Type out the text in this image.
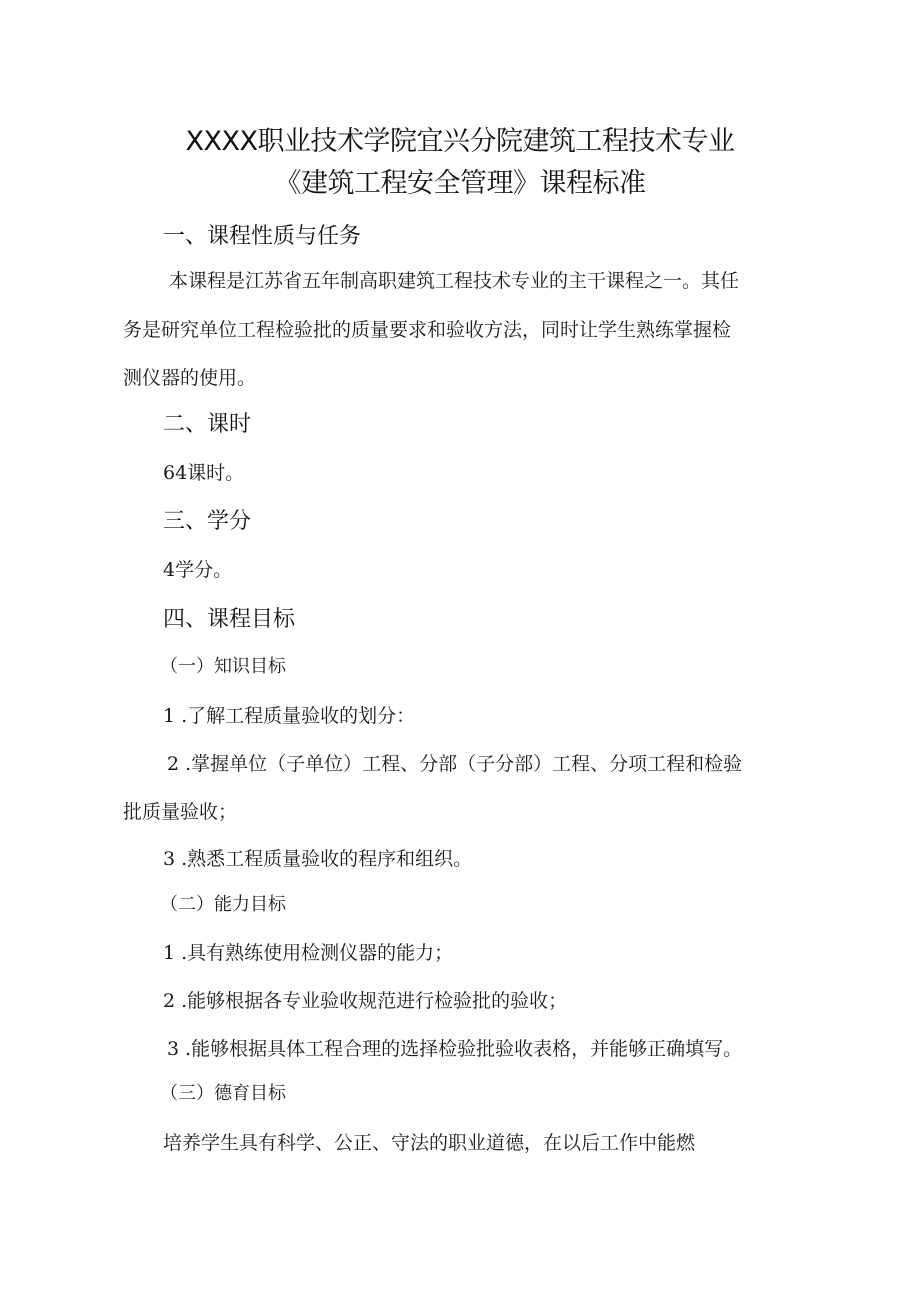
XXXX职业技术学院宜兴分院建筑工程技术专业
《建筑工程安全管理》课程标准
一、课程性质与任务
本课程是江苏省五年制高职建筑工程技术专业的主干课程之一。其任
务是研究单位工程检验批的质量要求和验收方法，同时让学生熟练掌握检
测仪器的使用。
二、课时
64课时。
三、学分
4学分。
四、课程目标
（一）知识目标
1 .了解工程质量验收的划分：
2 .掌握单位（子单位）工程、分部（子分部）工程、分项工程和检验
批质量验收；
3 .熟悉工程质量验收的程序和组织。
（二）能力目标
1 .具有熟练使用检测仪器的能力；
2 .能够根据各专业验收规范进行检验批的验收；
3 .能够根据具体工程合理的选择检验批验收表格，并能够正确填写。
（三）德育目标
培养学生具有科学、公正、守法的职业道德，在以后工作中能燃
